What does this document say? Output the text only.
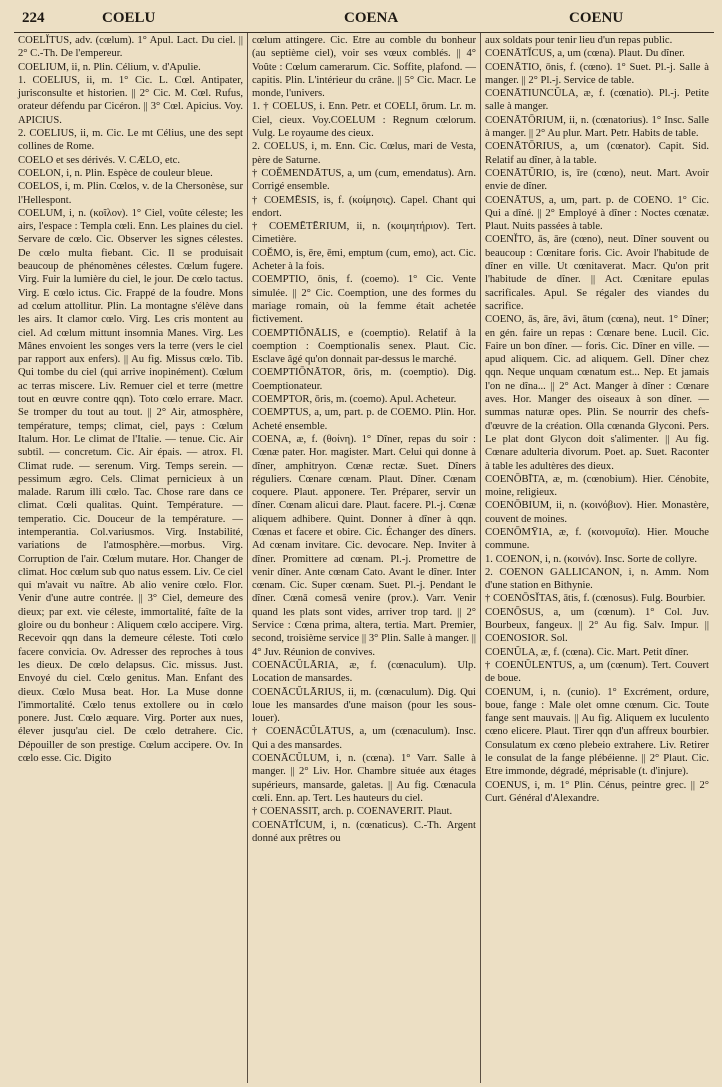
224	COELU	COENA	COENU

COELĬTUS, adv. (cœlum). 1° Apul. Lact. Du ciel. || 2° C.-Th. De l'empereur.

COELIUM, ii, n. Plin. Célium, v. d'Apulie.

1. COELIUS, ii, m. 1° Cic. L. Cœl. Antipater, jurisconsulte et historien. || 2° Cic. M. Cœl. Rufus, orateur défendu par Cicéron. || 3° Cœl. Apicius. Voy. APICIUS.

2. COELIUS, ii, m. Cic. Le mt Célius, une des sept collines de Rome.

COELO et ses dérivés. V. CÆLO, etc.

COELON, i, n. Plin. Espèce de couleur bleue.

COELOS, i, m. Plin. Cœlos, v. de la Chersonèse, sur l'Hellespont.

COELUM, i, n. (κοῖλον). 1° Ciel, voûte céleste; les airs, l'espace : Templa cœli. Enn. Les plaines du ciel. Servare de cœlo. Cic. Observer les signes célestes. De cœlo multa fiebant. Cic. Il se produisait beaucoup de phénomènes célestes. Cœlum fugere. Virg. Fuir la lumière du ciel, le jour. De cœlo tactus. Virg. E cœlo ictus. Cic. Frappé de la foudre. Mons ad cœlum attollitur. Plin. La montagne s'élève dans les airs. It clamor cœlo. Virg. Les cris montent au ciel. Ad cœlum mittunt insomnia Manes. Virg. Les Mânes envoient les songes vers la terre (vers le ciel par rapport aux enfers). || Au fig. Missus cœlo. Tib. Qui tombe du ciel (qui arrive inopinément). Cœlum ac terras miscere. Liv. Remuer ciel et terre (mettre tout en œuvre contre qqn). Toto cœlo errare. Macr. Se tromper du tout au tout. || 2° Air, atmosphère, température, temps; climat, ciel, pays : Cœlum Italum. Hor. Le climat de l'Italie. — tenue. Cic. Air subtil. — concretum. Cic. Air épais. — atrox. Fl. Climat rude. — serenum. Virg. Temps serein. — pessimum ægro. Cels. Climat pernicieux à un malade. Rarum illi cœlo. Tac. Chose rare dans ce climat. Cœli qualitas. Quint. Température. — temperatio. Cic. Douceur de la température. — intemperantia. Col.variusmos. Virg. Instabilité, variations de l'atmosphère.—morbus. Virg. Corruption de l'air. Cœlum mutare. Hor. Changer de climat. Hoc cœlum sub quo natus essem. Liv. Ce ciel qui m'avait vu naître. Ab alio venire cœlo. Flor. Venir d'une autre contrée. || 3° Ciel, demeure des dieux; par ext. vie céleste, immortalité, faîte de la gloire ou du bonheur : Aliquem cœlo accipere. Virg. Recevoir qqn dans la demeure céleste. Toti cœlo facere convicia. Ov. Adresser des reproches à tous les dieux. De cœlo delapsus. Cic. missus. Just. Envoyé du ciel. Cœlo genitus. Man. Enfant des dieux. Cœlo Musa beat. Hor. La Muse donne l'immortalité. Cœlo tenus extollere ou in cœlo ponere. Just. Cœlo æquare. Virg. Porter aux nues, élever jusqu'au ciel. De cœlo detrahere. Cic. Dépouiller de son prestige. Cœlum accipere. Ov. In cœlo esse. Cic. Digito

cœlum attingere. Cic. Etre au comble du bonheur (au septième ciel), voir ses vœux comblés. || 4° Voûte : Cœlum camerarum. Cic. Soffite, plafond. — capitis. Plin. L'intérieur du crâne. || 5° Cic. Macr. Le monde, l'univers.

1. † COELUS, i. Enn. Petr. et COELI, ōrum. Lr. m. Ciel, cieux. Voy.COELUM : Regnum cœlorum. Vulg. Le royaume des cieux.

2. COELUS, i, m. Enn. Cic. Cœlus, mari de Vesta, père de Saturne.

† COĚMENDĀTUS, a, um (cum, emendatus). Arn. Corrigé ensemble.

† COEMĒSIS, is, f. (κοίμησις). Capel. Chant qui endort.

† COEMĒTĒRIUM, ii, n. (κοιμητήριον). Tert. Cimetière.

COĔMO, is, ēre, ēmi, emptum (cum, emo), act. Cic. Acheter à la fois.

COEMPTIO, ōnis, f. (coemo). 1° Cic. Vente simulée. || 2° Cic. Coemption, une des formes du mariage romain, où la femme était achetée fictivement.

COEMPTIŌNĀLIS, e (coemptio). Relatif à la coemption : Coemptionalis senex. Plaut. Cic. Esclave âgé qu'on donnait par-dessus le marché.

COEMPTIŌNĀTOR, ōris, m. (coemptio). Dig. Coemptionateur.

COEMPTOR, ōris, m. (coemo). Apul. Acheteur.

COEMPTUS, a, um, part. p. de COEMO. Plin. Hor. Acheté ensemble.

COENA, æ, f. (θοίνη). 1° Dîner, repas du soir : Cœnæ pater. Hor. magister. Mart. Celui qui donne à dîner, amphitryon. Cœnæ rectæ. Suet. Dîners réguliers. Cœnare cœnam. Plaut. Dîner. Cœnam coquere. Plaut. apponere. Ter. Préparer, servir un dîner. Cœnam alicui dare. Plaut. facere. Pl.-j. Cœnæ aliquem adhibere. Quint. Donner à dîner à qqn. Cœnas et facere et obire. Cic. Échanger des dîners. Ad cœnam invitare. Cic. devocare. Nep. Inviter à dîner. Promittere ad cœnam. Pl.-j. Promettre de venir dîner. Ante cœnam Cato. Avant le dîner. Inter cœnam. Cic. Super cœnam. Suet. Pl.-j. Pendant le dîner. Cœnā comesā venire (prov.). Varr. Venir quand les plats sont vides, arriver trop tard. || 2° Service : Cœna prima, altera, tertia. Mart. Premier, second, troisième service || 3° Plin. Salle à manger. || 4° Juv. Réunion de convives.

COENĀCŬLĀRIA, æ, f. (cœnaculum). Ulp. Location de mansardes.

COENĀCŬLĀRIUS, ii, m. (cœnaculum). Dig. Qui loue les mansardes d'une maison (pour les sous-louer).

† COENĀCŬLĀTUS, a, um (cœnaculum). Insc. Qui a des mansardes.

COENĀCŬLUM, i, n. (cœna). 1° Varr. Salle à manger. || 2° Liv. Hor. Chambre située aux étages supérieurs, mansarde, galetas. || Au fig. Cœnacula cœli. Enn. ap. Tert. Les hauteurs du ciel.

† COENASSIT, arch. p. COENAVERIT. Plaut.

COENĀTĬCUM, i, n. (cœnaticus). C.-Th. Argent donné aux prêtres ou

aux soldats pour tenir lieu d'un repas public.

COENĀTĬCUS, a, um (cœna). Plaut. Du dîner.

COENĀTIO, ōnis, f. (cœno). 1° Suet. Pl.-j. Salle à manger. || 2° Pl.-j. Service de table.

COENĀTIUNCŬLA, æ, f. (cœnatio). Pl.-j. Petite salle à manger.

COENĀTŌRIUM, ii, n. (cœnatorius). 1° Insc. Salle à manger. || 2° Au plur. Mart. Petr. Habits de table.

COENĀTŌRIUS, a, um (cœnator). Capit. Sid. Relatif au dîner, à la table.

COENĀTŬRIO, is, īre (cœno), neut. Mart. Avoir envie de dîner.

COENĀTUS, a, um, part. p. de COENO. 1° Cic. Qui a dîné. || 2° Employé à dîner : Noctes cœnatæ. Plaut. Nuits passées à table.

COENĬTO, ās, āre (cœno), neut. Dîner souvent ou beaucoup : Cœnitare foris. Cic. Avoir l'habitude de dîner en ville. Ut cœnitaverat. Macr. Qu'on prit l'habitude de dîner. || Act. Cœnitare epulas sacrificales. Apul. Se régaler des viandes du sacrifice.

COENO, ās, āre, āvi, ātum (cœna), neut. 1° Dîner; en gén. faire un repas : Cœnare bene. Lucil. Cic. Faire un bon dîner. — foris. Cic. Dîner en ville. — apud aliquem. Cic. ad aliquem. Gell. Dîner chez qqn. Neque unquam cœnatum est... Nep. Et jamais l'on ne dîna... || 2° Act. Manger à dîner : Cœnare aves. Hor. Manger des oiseaux à son dîner. — summas naturæ opes. Plin. Se nourrir des chefs-d'œuvre de la création. Olla cœnanda Glyconi. Pers. Le plat dont Glycon doit s'alimenter. || Au fig. Cœnare adulteria divorum. Poet. ap. Suet. Raconter à table les adultères des dieux.

COENŌBĪTA, æ, m. (cœnobium). Hier. Cénobite, moine, religieux.

COENŌBIUM, ii, n. (κοινόβιον). Hier. Monastère, couvent de moines.

COENŌMȲIA, æ, f. (κοινομυῖα). Hier. Mouche commune.

1. COENON, i, n. (κοινόν). Insc. Sorte de collyre.

2. COENON GALLICANON, i, n. Amm. Nom d'une station en Bithynie.

† COENŌSĬTAS, ātis, f. (cœnosus). Fulg. Bourbier.

COENŌSUS, a, um (cœnum). 1° Col. Juv. Bourbeux, fangeux. || 2° Au fig. Salv. Impur. || COENOSIOR. Sol.

COENŬLA, æ, f. (cœna). Cic. Mart. Petit dîner.

† COENŬLENTUS, a, um (cœnum). Tert. Couvert de boue.

COENUM, i, n. (cunio). 1° Excrément, ordure, boue, fange : Male olet omne cœnum. Cic. Toute fange sent mauvais. || Au fig. Aliquem ex luculento cœno elicere. Plaut. Tirer qqn d'un affreux bourbier. Consulatum ex cœno plebeio extrahere. Liv. Retirer le consulat de la fange plébéienne. || 2° Plaut. Cic. Etre immonde, dégradé, méprisable (t. d'injure).

COENUS, i, m. 1° Plin. Cénus, peintre grec. || 2° Curt. Général d'Alexandre.
